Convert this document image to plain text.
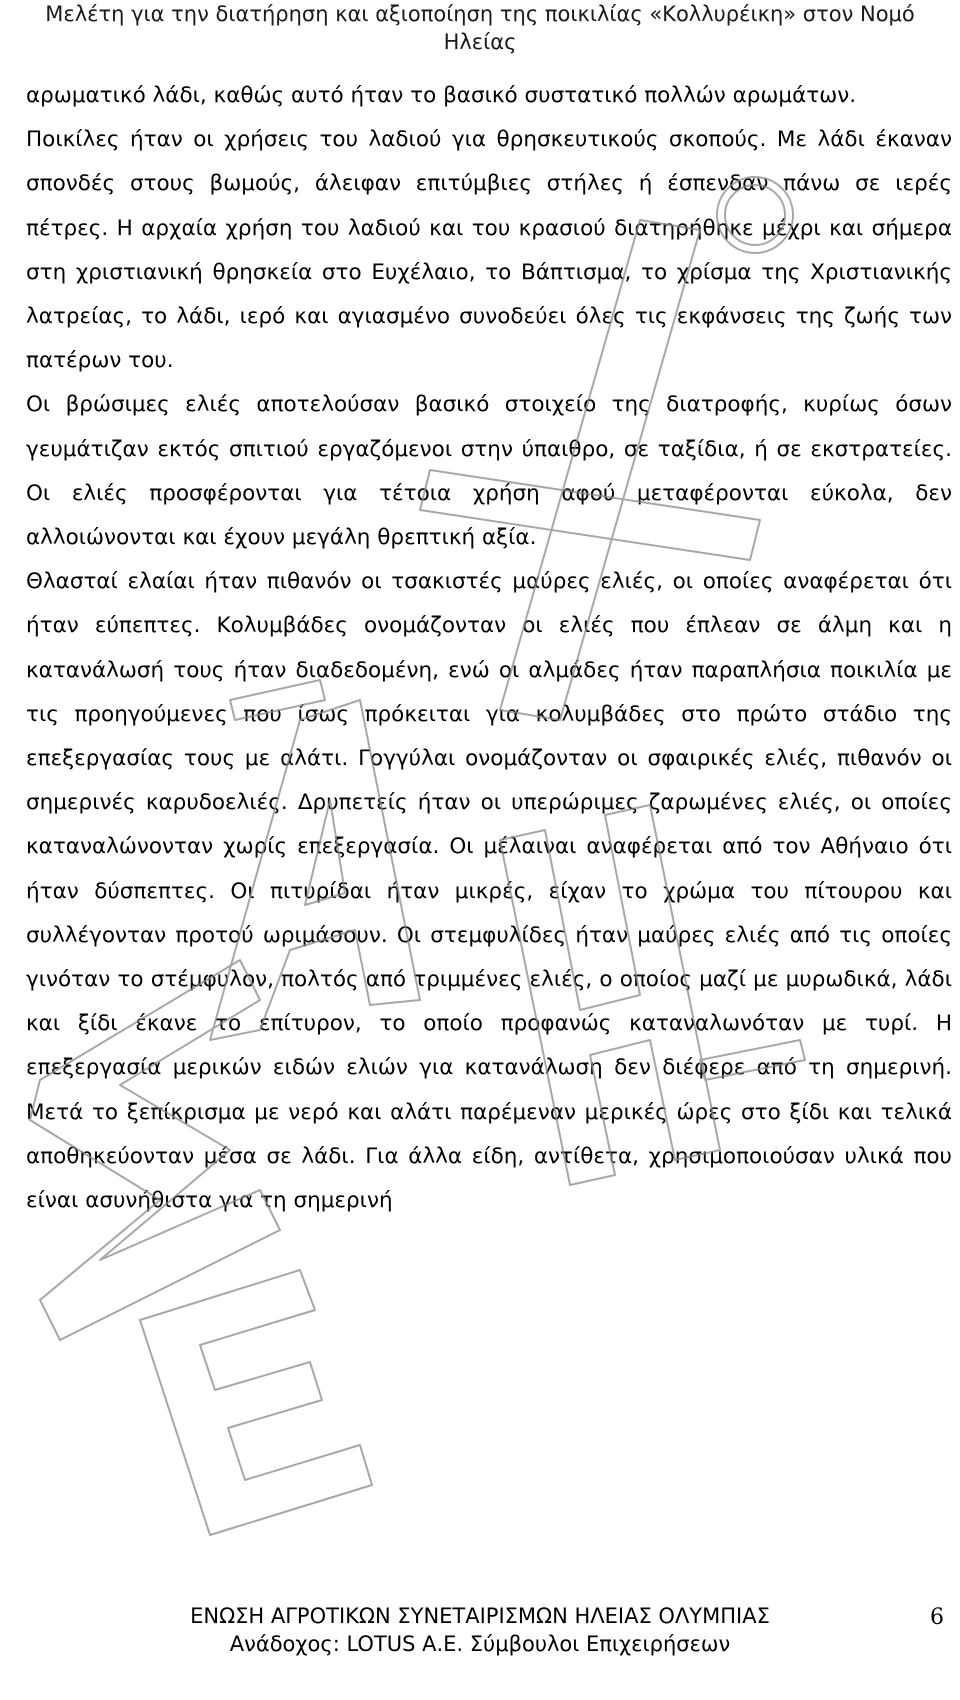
Μελέτη για την διατήρηση και αξιοποίηση της ποικιλίας «Κολλυρέικη» στον Νομό Ηλείας

αρωματικό λάδι, καθώς αυτό ήταν το βασικό συστατικό πολλών αρωμάτων.

Ποικίλες ήταν οι χρήσεις του λαδιού για θρησκευτικούς σκοπούς. Με λάδι έκαναν σπονδές στους βωμούς, άλειφαν επιτύμβιες στήλες ή έσπενδαν πάνω σε ιερές πέτρες. Η αρχαία χρήση του λαδιού και του κρασιού διατηρήθηκε μέχρι και σήμερα στη χριστιανική θρησκεία στο Ευχέλαιο, το Βάπτισμα, το χρίσμα της Χριστιανικής λατρείας, το λάδι, ιερό και αγιασμένο συνοδεύει όλες τις εκφάνσεις της ζωής των πατέρων του.

Οι βρώσιμες ελιές αποτελούσαν βασικό στοιχείο της διατροφής, κυρίως όσων γευμάτιζαν εκτός σπιτιού εργαζόμενοι στην ύπαιθρο, σε ταξίδια, ή σε εκστρατείες. Οι ελιές προσφέρονται για τέτοια χρήση αφού μεταφέρονται εύκολα, δεν αλλοιώνονται και έχουν μεγάλη θρεπτική αξία.

Θλασταί ελαίαι ήταν πιθανόν οι τσακιστές μαύρες ελιές, οι οποίες αναφέρεται ότι ήταν εύπεπτες. Κολυμβάδες ονομάζονταν οι ελιές που έπλεαν σε άλμη και η κατανάλωσή τους ήταν διαδεδομένη, ενώ οι αλμάδες ήταν παραπλήσια ποικιλία με τις προηγούμενες που ίσως πρόκειται για κολυμβάδες στο πρώτο στάδιο της επεξεργασίας τους με αλάτι. Γογγύλαι ονομάζονταν οι σφαιρικές ελιές, πιθανόν οι σημερινές καρυδοελιές. Δρυπετείς ήταν οι υπερώριμες ζαρωμένες ελιές, οι οποίες καταναλώνονταν χωρίς επεξεργασία. Οι μέλαιναι αναφέρεται από τον Αθήναιο ότι ήταν δύσπεπτες. Οι πιτυρίδαι ήταν μικρές, είχαν το χρώμα του πίτουρου και συλλέγονταν προτού ωριμάσουν. Οι στεμφυλίδες ήταν μαύρες ελιές από τις οποίες γινόταν το στέμφυλον, πολτός από τριμμένες ελιές, ο οποίος μαζί με μυρωδικά, λάδι και ξίδι έκανε το επίτυρον, το οποίο προφανώς καταναλωνόταν με τυρί. Η επεξεργασία μερικών ειδών ελιών για κατανάλωση δεν διέφερε από τη σημερινή. Μετά το ξεπίκρισμα με νερό και αλάτι παρέμεναν μερικές ώρες στο ξίδι και τελικά αποθηκεύονταν μέσα σε λάδι. Για άλλα είδη, αντίθετα, χρησιμοποιούσαν υλικά που είναι ασυνήθιστα για τη σημερινή

ΕΝΩΣΗ ΑΓΡΟΤΙΚΩΝ ΣΥΝΕΤΑΙΡΙΣΜΩΝ ΗΛΕΙΑΣ ΟΛΥΜΠΙΑΣ
Ανάδοχος: LOTUS Α.Ε. Σύμβουλοι Επιχειρήσεων
6
